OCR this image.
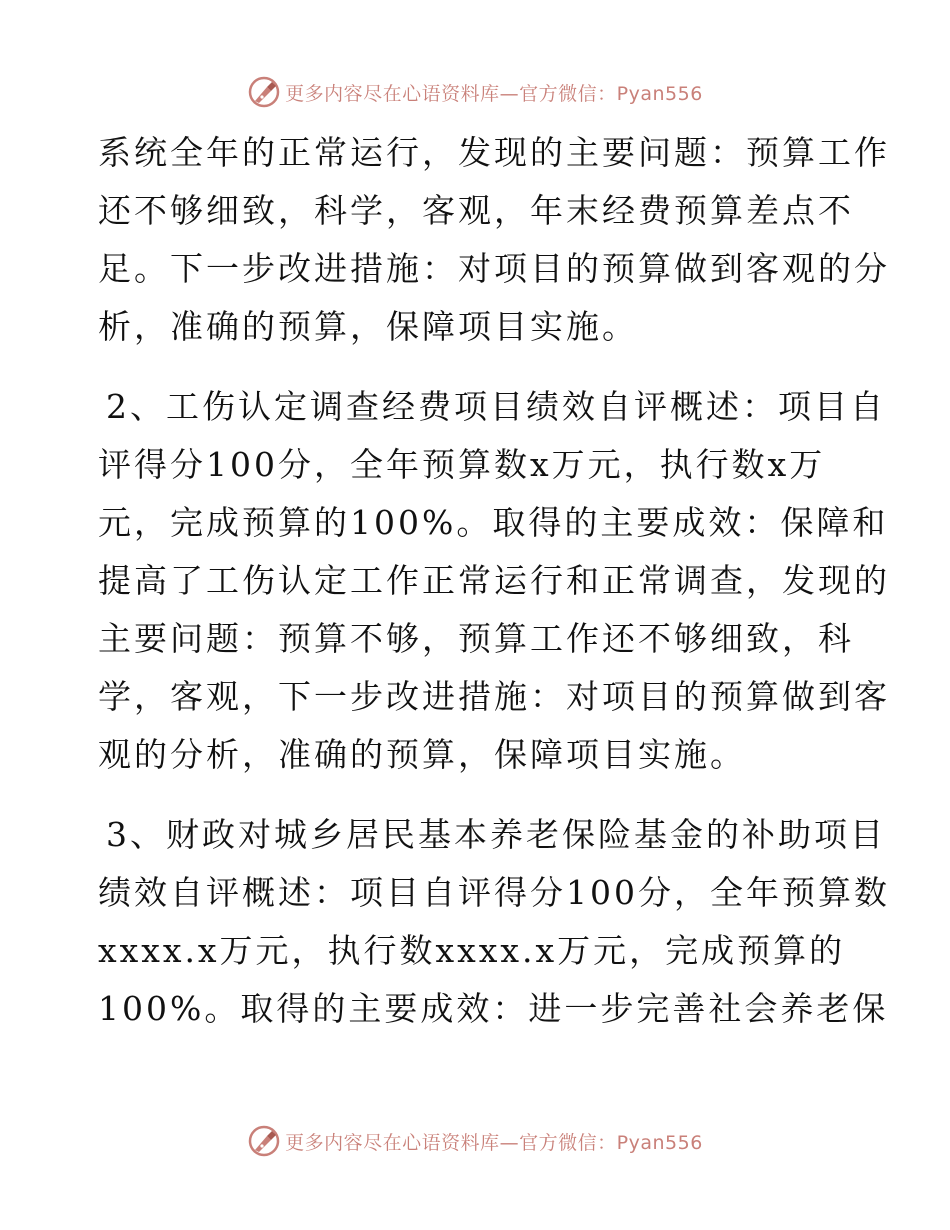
更多内容尽在心语资料库—官方微信：Pyan556
系统全年的正常运行，发现的主要问题：预算工作
还不够细致，科学，客观，年末经费预算差点不
足。下一步改进措施：对项目的预算做到客观的分
析，准确的预算，保障项目实施。
2、工伤认定调查经费项目绩效自评概述：项目自
评得分100分，全年预算数x万元，执行数x万
元，完成预算的100%。取得的主要成效：保障和
提高了工伤认定工作正常运行和正常调查，发现的
主要问题：预算不够，预算工作还不够细致，科
学，客观，下一步改进措施：对项目的预算做到客
观的分析，准确的预算，保障项目实施。
3、财政对城乡居民基本养老保险基金的补助项目
绩效自评概述：项目自评得分100分，全年预算数
xxxx.x万元，执行数xxxx.x万元，完成预算的
100%。取得的主要成效：进一步完善社会养老保
更多内容尽在心语资料库—官方微信：Pyan556
